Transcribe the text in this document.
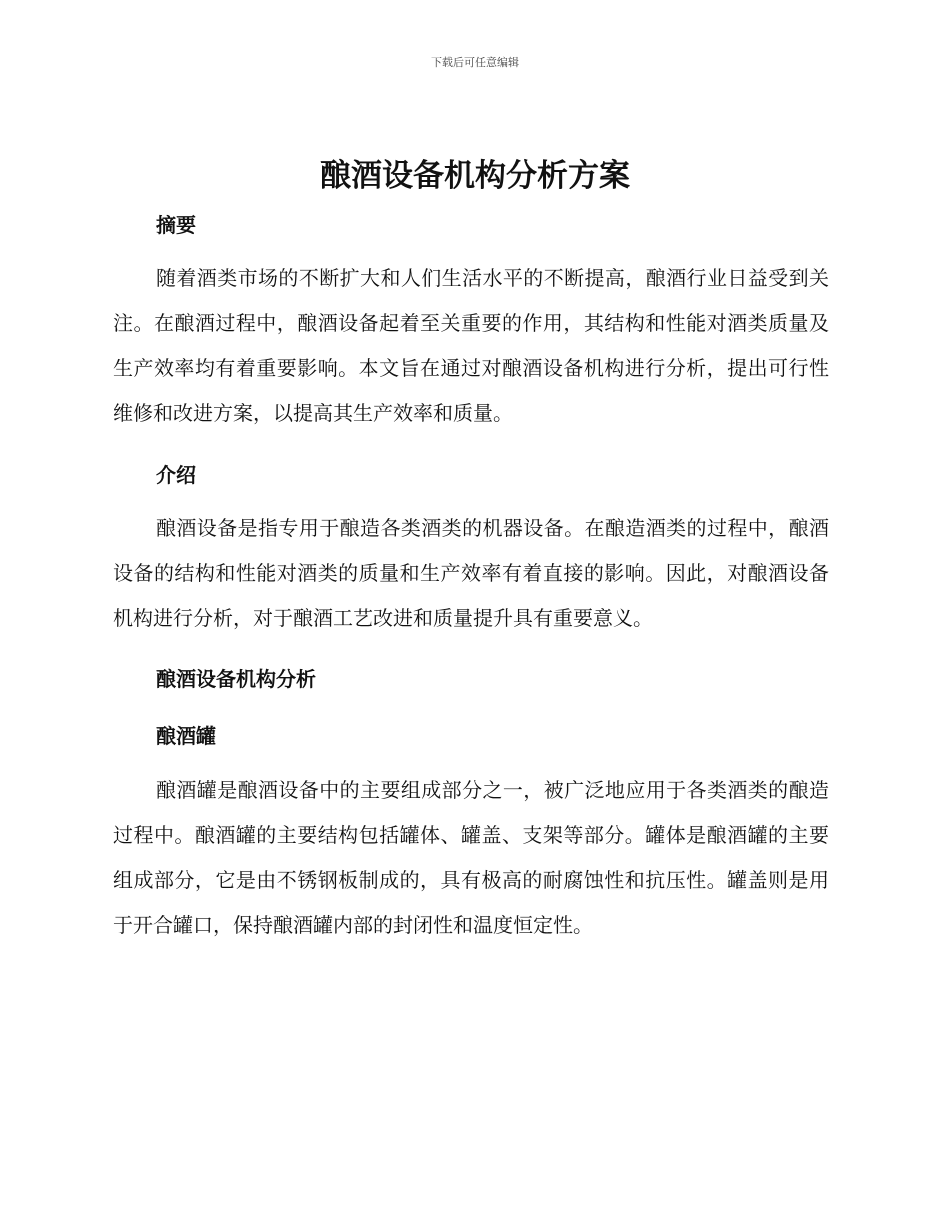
下载后可任意编辑
酿酒设备机构分析方案
摘要

随着酒类市场的不断扩大和人们生活水平的不断提高，酿酒行业日益受到关注。在酿酒过程中，酿酒设备起着至关重要的作用，其结构和性能对酒类质量及生产效率均有着重要影响。本文旨在通过对酿酒设备机构进行分析，提出可行性维修和改进方案，以提高其生产效率和质量。

介绍

酿酒设备是指专用于酿造各类酒类的机器设备。在酿造酒类的过程中，酿酒设备的结构和性能对酒类的质量和生产效率有着直接的影响。因此，对酿酒设备机构进行分析，对于酿酒工艺改进和质量提升具有重要意义。

酿酒设备机构分析
酿酒罐

酿酒罐是酿酒设备中的主要组成部分之一，被广泛地应用于各类酒类的酿造过程中。酿酒罐的主要结构包括罐体、罐盖、支架等部分。罐体是酿酒罐的主要组成部分，它是由不锈钢板制成的，具有极高的耐腐蚀性和抗压性。罐盖则是用于开合罐口，保持酿酒罐内部的封闭性和温度恒定性。
